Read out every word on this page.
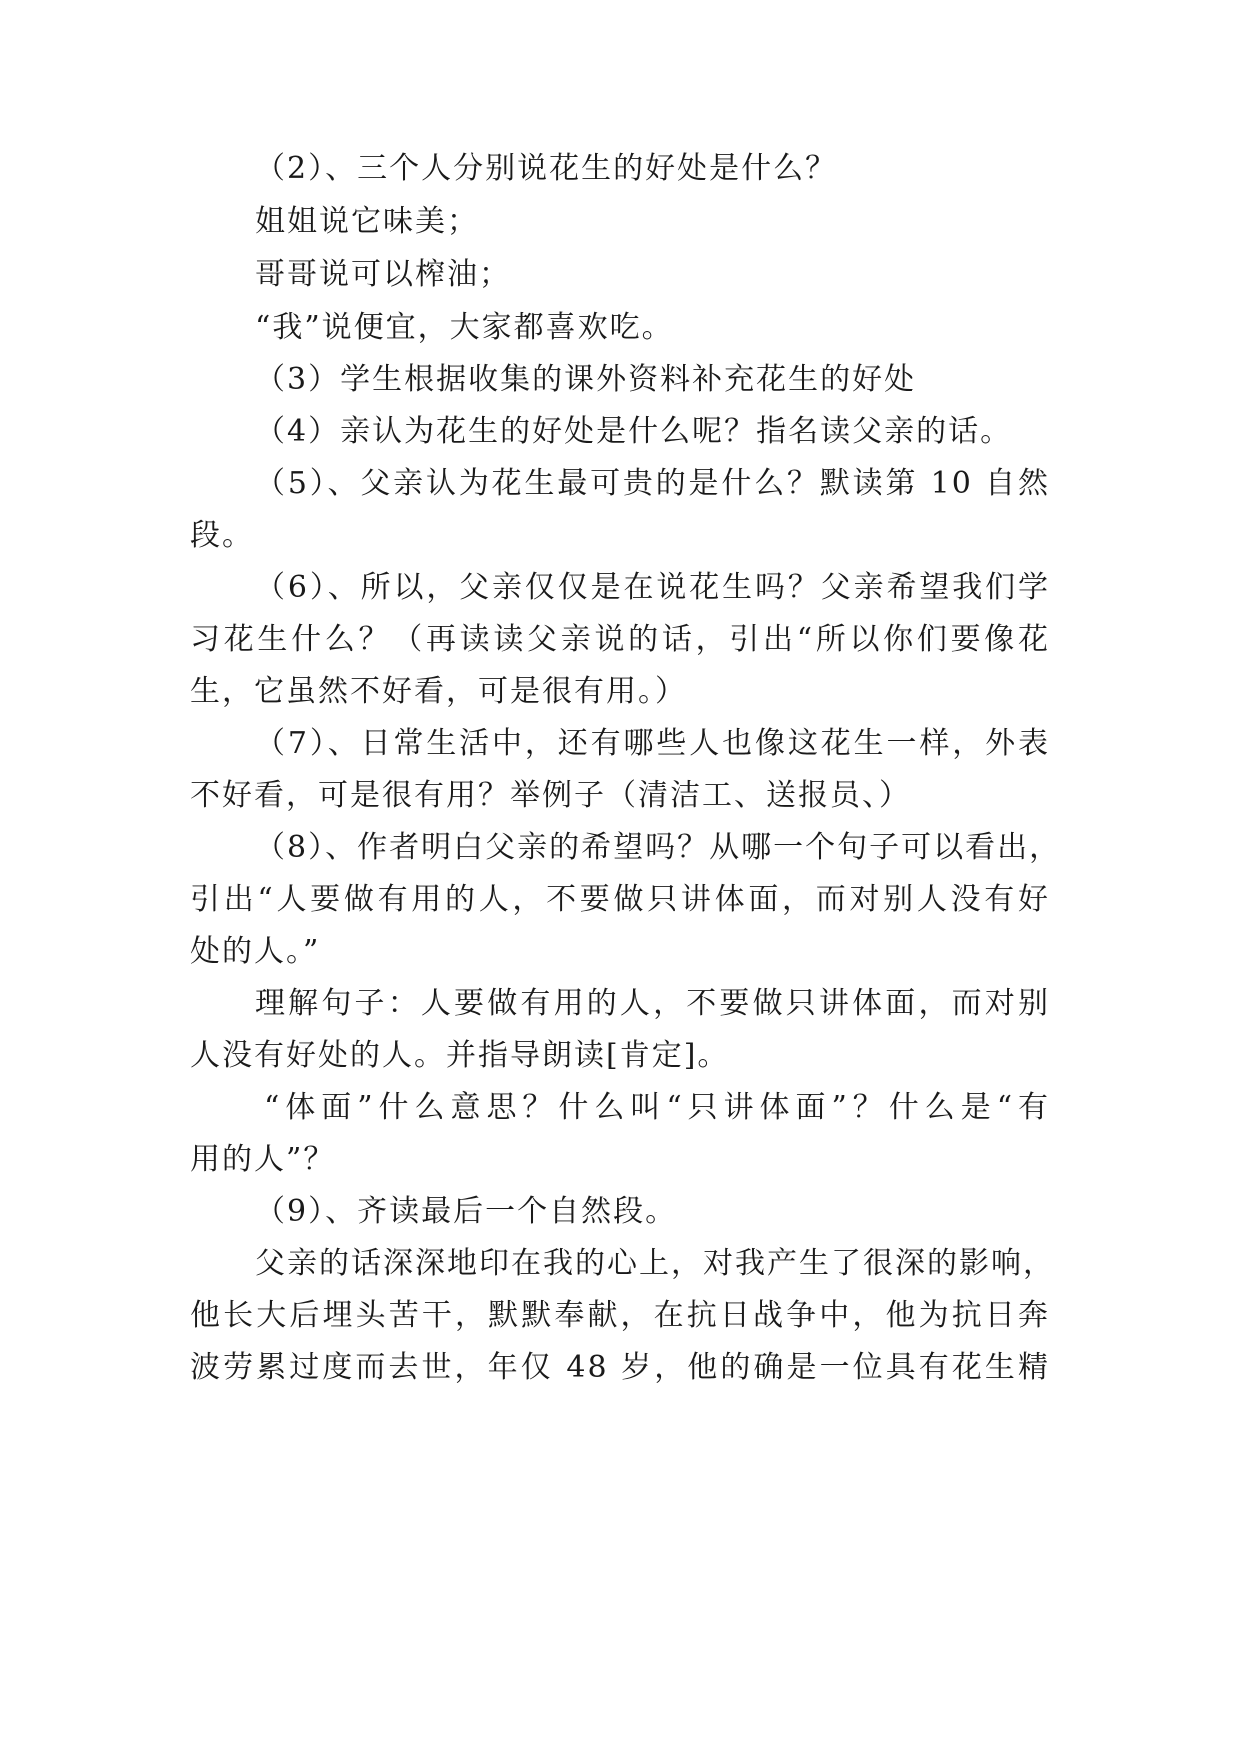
（2）、三个人分别说花生的好处是什么？
姐姐说它味美；
哥哥说可以榨油；
“我”说便宜，大家都喜欢吃。
（3）学生根据收集的课外资料补充花生的好处
（4）亲认为花生的好处是什么呢？指名读父亲的话。
（5）、父亲认为花生最可贵的是什么？默读第 10 自然
段。
（6）、所以，父亲仅仅是在说花生吗？父亲希望我们学
习花生什么？（再读读父亲说的话，引出“所以你们要像花
生，它虽然不好看，可是很有用。）
（7）、日常生活中，还有哪些人也像这花生一样，外表
不好看，可是很有用？举例子（清洁工、送报员、）
（8）、作者明白父亲的希望吗？从哪一个句子可以看出，
引出“人要做有用的人，不要做只讲体面，而对别人没有好
处的人。”
理解句子：人要做有用的人，不要做只讲体面，而对别
人没有好处的人。并指导朗读[肯定]。
“体面”什么意思？什么叫“只讲体面”？什么是“有
用的人”？
（9）、齐读最后一个自然段。
父亲的话深深地印在我的心上，对我产生了很深的影响，
他长大后埋头苦干，默默奉献，在抗日战争中，他为抗日奔
波劳累过度而去世，年仅 48 岁，他的确是一位具有花生精
